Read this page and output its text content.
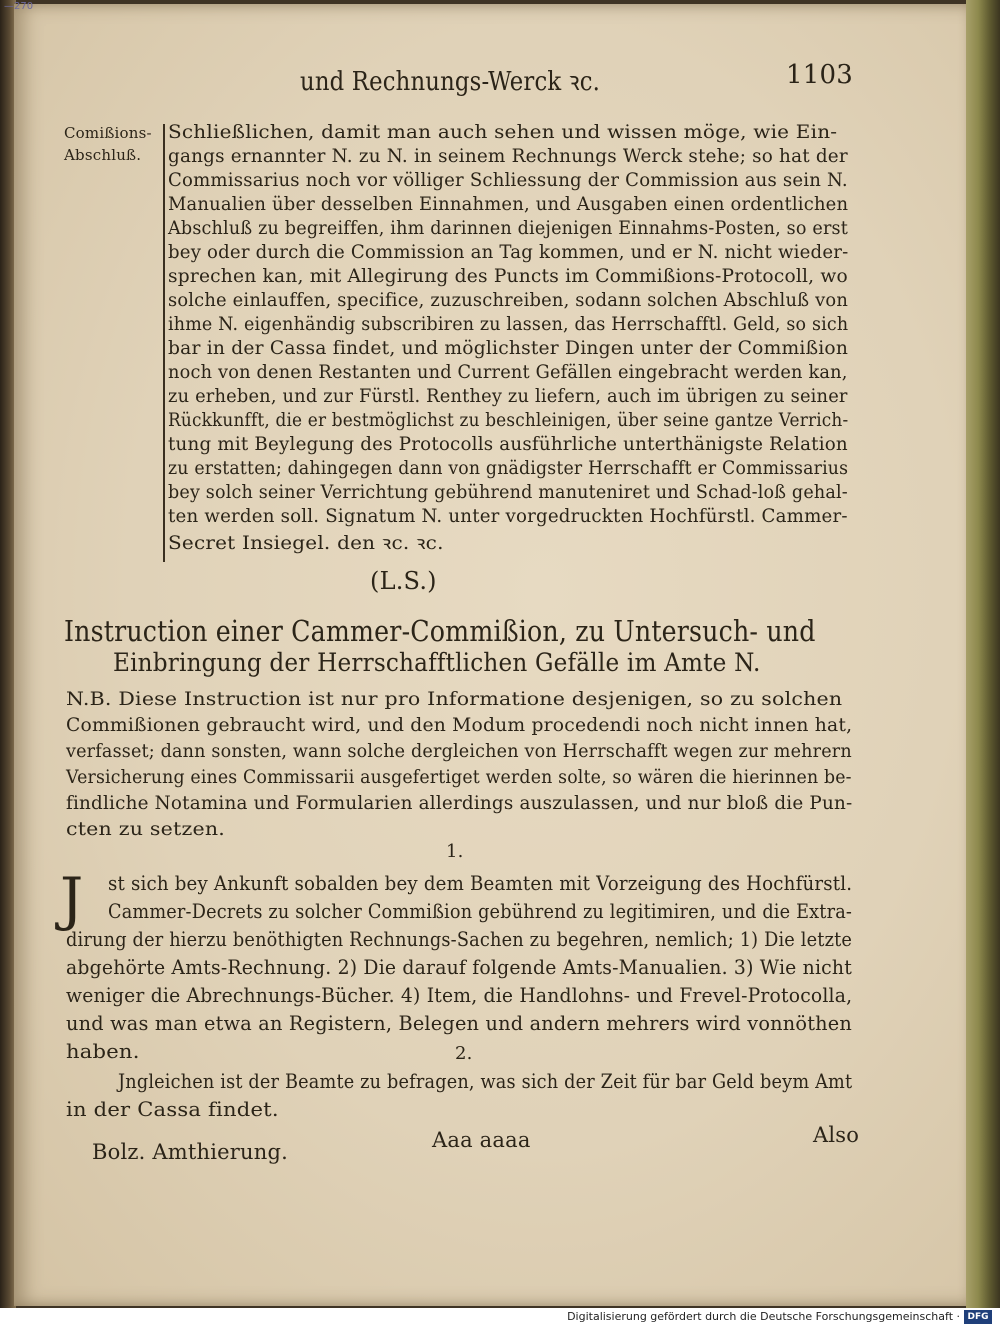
—270
und Rechnungs-Werck ꝛc.	1103
Comißions-
Abschluß.
Schließlichen, damit man auch sehen und wissen möge, wie Ein-
gangs ernannter N. zu N. in seinem Rechnungs Werck stehe; so hat der
Commissarius noch vor völliger Schliessung der Commission aus sein N.
Manualien über desselben Einnahmen, und Ausgaben einen ordentlichen
Abschluß zu begreiffen, ihm darinnen diejenigen Einnahms-Posten, so erst
bey oder durch die Commission an Tag kommen, und er N. nicht wieder-
sprechen kan, mit Allegirung des Puncts im Commißions-Protocoll, wo
solche einlauffen, specifice, zuzuschreiben, sodann solchen Abschluß von
ihme N. eigenhändig subscribiren zu lassen, das Herrschafftl. Geld, so sich
bar in der Cassa findet, und möglichster Dingen unter der Commißion
noch von denen Restanten und Current Gefällen eingebracht werden kan,
zu erheben, und zur Fürstl. Renthey zu liefern, auch im übrigen zu seiner
Rückkunfft, die er bestmöglichst zu beschleinigen, über seine gantze Verrich-
tung mit Beylegung des Protocolls ausführliche unterthänigste Relation
zu erstatten; dahingegen dann von gnädigster Herrschafft er Commissarius
bey solch seiner Verrichtung gebührend manuteniret und Schad-loß gehal-
ten werden soll. Signatum N. unter vorgedruckten Hochfürstl. Cammer-
Secret Insiegel. den ꝛc. ꝛc.
(L.S.)
Instruction einer Cammer-Commißion, zu Untersuch- und
Einbringung der Herrschafftlichen Gefälle im Amte N.
N.B. Diese Instruction ist nur pro Informatione desjenigen, so zu solchen
Commißionen gebraucht wird, und den Modum procedendi noch nicht innen hat,
verfasset; dann sonsten, wann solche dergleichen von Herrschafft wegen zur mehrern
Versicherung eines Commissarii ausgefertiget werden solte, so wären die hierinnen be-
findliche Notamina und Formularien allerdings auszulassen, und nur bloß die Pun-
cten zu setzen.
1.
J st sich bey Ankunft sobalden bey dem Beamten mit Vorzeigung des Hochfürstl.
Cammer-Decrets zu solcher Commißion gebührend zu legitimiren, und die Extra-
dirung der hierzu benöthigten Rechnungs-Sachen zu begehren, nemlich; 1) Die letzte
abgehörte Amts-Rechnung. 2) Die darauf folgende Amts-Manualien. 3) Wie nicht
weniger die Abrechnungs-Bücher. 4) Item, die Handlohns- und Frevel-Protocolla,
und was man etwa an Registern, Belegen und andern mehrers wird vonnöthen
haben.	2.
Jngleichen ist der Beamte zu befragen, was sich der Zeit für bar Geld beym Amt
in der Cassa findet.
Bolz. Amthierung.	Aaa aaaa	Also
Digitalisierung gefördert durch die Deutsche Forschungsgemeinschaft · DFG
